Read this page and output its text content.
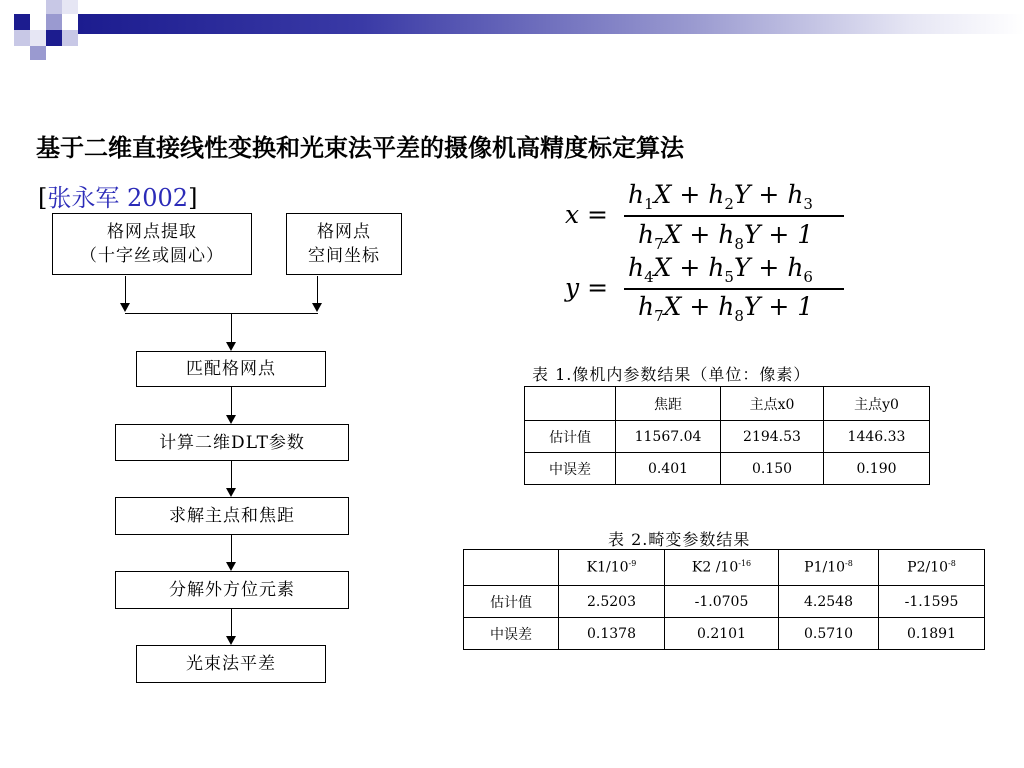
基于二维直接线性变换和光束法平差的摄像机高精度标定算法
[张永军 2002]
格网点提取
（十字丝或圆心）
格网点
空间坐标
匹配格网点
计算二维DLT参数
求解主点和焦距
分解外方位元素
光束法平差
x =
$h_1X + h_2Y + h_3$
$h_7X + h_8Y + 1$
y =
$h_4X + h_5Y + h_6$
$h_7X + h_8Y + 1$
表 1.像机内参数结果（单位：像素）
	焦距	主点x0	主点y0
估计值	11567.04	2194.53	1446.33
中误差	0.401	0.150	0.190
表 2.畸变参数结果
	$K1/10^{-9}$	K2 $/10^{-16}$	$P1/10^{-8}$	$P2/10^{-8}$
估计值	2.5203	-1.0705	4.2548	-1.1595
中误差	0.1378	0.2101	0.5710	0.1891
